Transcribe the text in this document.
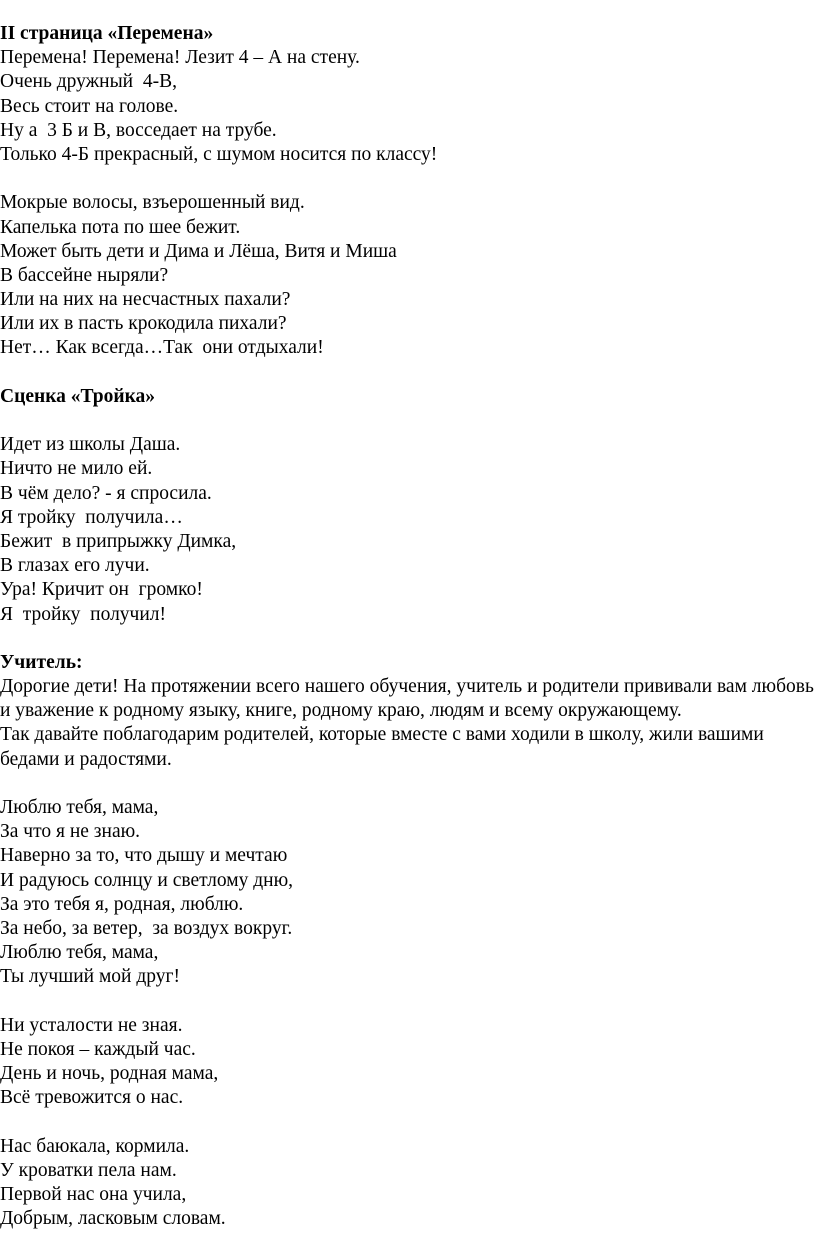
II страница «Перемена»
Перемена! Перемена! Лезит 4 – А на стену.
Очень дружный  4-В,
Весь стоит на голове.
Ну а  3 Б и В, восседает на трубе.
Только 4-Б прекрасный, с шумом носится по классу!
Мокрые волосы, взъерошенный вид.
Капелька пота по шее бежит.
Может быть дети и Дима и Лёша, Витя и Миша
В бассейне ныряли?
Или на них на несчастных пахали?
Или их в пасть крокодила пихали?
Нет… Как всегда…Так  они отдыхали!
Сценка «Тройка»
Идет из школы Даша.
Ничто не мило ей.
В чём дело? - я спросила.
Я тройку  получила…
Бежит  в припрыжку Димка,
В глазах его лучи.
Ура! Кричит он  громко!
Я  тройку  получил!
Учитель:
Дорогие дети! На протяжении всего нашего обучения, учитель и родители прививали вам любовь и уважение к родному языку, книге, родному краю, людям и всему окружающему.
Так давайте поблагодарим родителей, которые вместе с вами ходили в школу, жили вашими бедами и радостями.
Люблю тебя, мама,
За что я не знаю.
Наверно за то, что дышу и мечтаю
И радуюсь солнцу и светлому дню,
За это тебя я, родная, люблю.
За небо, за ветер,  за воздух вокруг.
Люблю тебя, мама,
Ты лучший мой друг!
Ни усталости не зная.
Не покоя – каждый час.
День и ночь, родная мама,
Всё тревожится о нас.
Нас баюкала, кормила.
У кроватки пела нам.
Первой нас она учила,
Добрым, ласковым словам.
